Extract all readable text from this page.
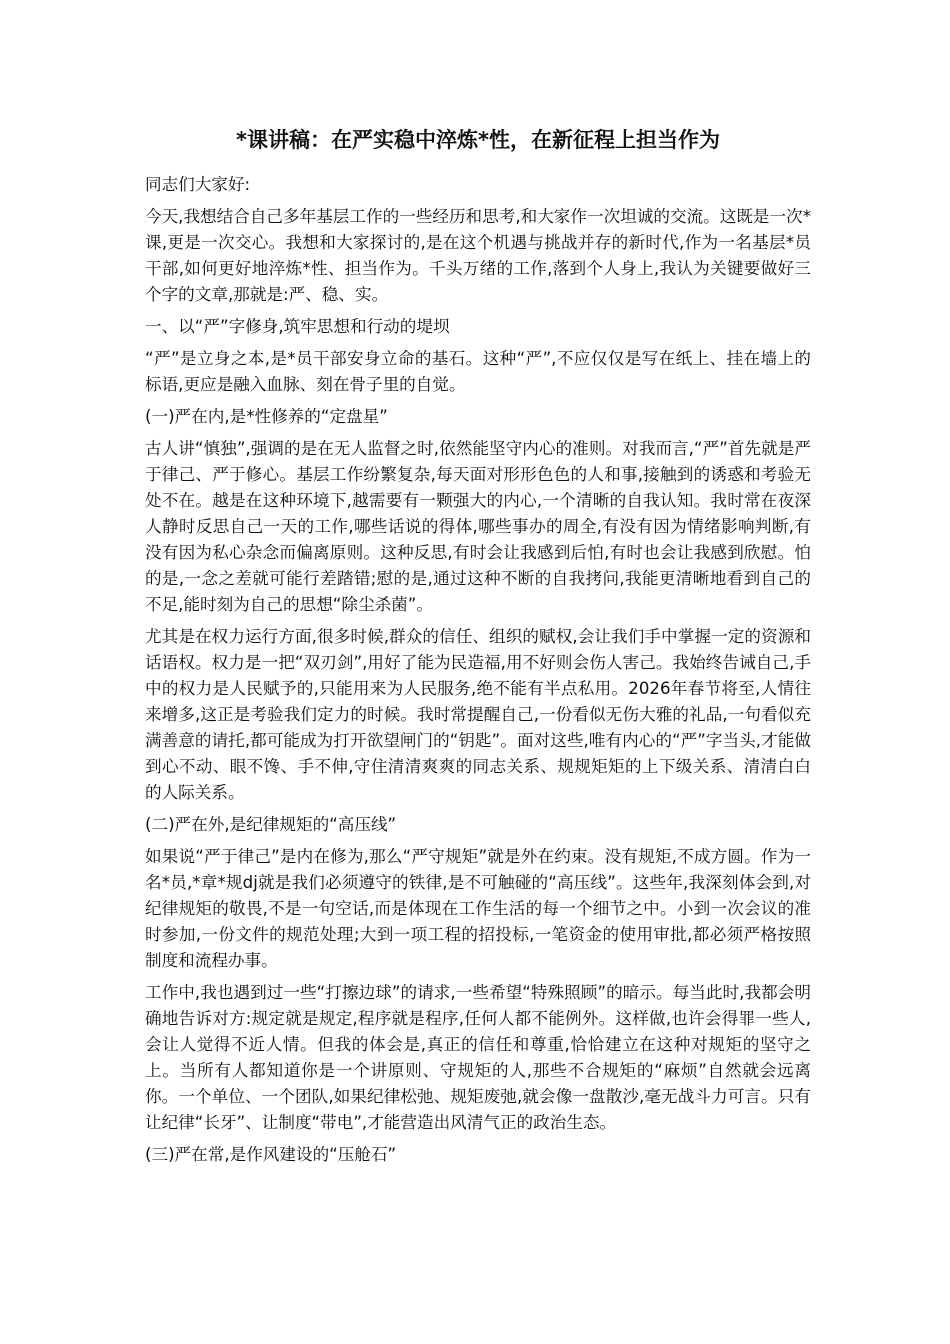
*课讲稿：在严实稳中淬炼*性，在新征程上担当作为
同志们大家好:
今天,我想结合自己多年基层工作的一些经历和思考,和大家作一次坦诚的交流。这既是一次*课,更是一次交心。我想和大家探讨的,是在这个机遇与挑战并存的新时代,作为一名基层*员干部,如何更好地淬炼*性、担当作为。千头万绪的工作,落到个人身上,我认为关键要做好三个字的文章,那就是:严、稳、实。
一、以“严”字修身,筑牢思想和行动的堤坝
“严”是立身之本,是*员干部安身立命的基石。这种“严”,不应仅仅是写在纸上、挂在墙上的标语,更应是融入血脉、刻在骨子里的自觉。
(一)严在内,是*性修养的“定盘星”
古人讲“慎独”,强调的是在无人监督之时,依然能坚守内心的准则。对我而言,“严”首先就是严于律己、严于修心。基层工作纷繁复杂,每天面对形形色色的人和事,接触到的诱惑和考验无处不在。越是在这种环境下,越需要有一颗强大的内心,一个清晰的自我认知。我时常在夜深人静时反思自己一天的工作,哪些话说的得体,哪些事办的周全,有没有因为情绪影响判断,有没有因为私心杂念而偏离原则。这种反思,有时会让我感到后怕,有时也会让我感到欣慰。怕的是,一念之差就可能行差踏错;慰的是,通过这种不断的自我拷问,我能更清晰地看到自己的不足,能时刻为自己的思想“除尘杀菌”。
尤其是在权力运行方面,很多时候,群众的信任、组织的赋权,会让我们手中掌握一定的资源和话语权。权力是一把“双刃剑”,用好了能为民造福,用不好则会伤人害己。我始终告诫自己,手中的权力是人民赋予的,只能用来为人民服务,绝不能有半点私用。2026年春节将至,人情往来增多,这正是考验我们定力的时候。我时常提醒自己,一份看似无伤大雅的礼品,一句看似充满善意的请托,都可能成为打开欲望闸门的“钥匙”。面对这些,唯有内心的“严”字当头,才能做到心不动、眼不馋、手不伸,守住清清爽爽的同志关系、规规矩矩的上下级关系、清清白白的人际关系。
(二)严在外,是纪律规矩的“高压线”
如果说“严于律己”是内在修为,那么“严守规矩”就是外在约束。没有规矩,不成方圆。作为一名*员,*章*规dj就是我们必须遵守的铁律,是不可触碰的“高压线”。这些年,我深刻体会到,对纪律规矩的敬畏,不是一句空话,而是体现在工作生活的每一个细节之中。小到一次会议的准时参加,一份文件的规范处理;大到一项工程的招投标,一笔资金的使用审批,都必须严格按照制度和流程办事。
工作中,我也遇到过一些“打擦边球”的请求,一些希望“特殊照顾”的暗示。每当此时,我都会明确地告诉对方:规定就是规定,程序就是程序,任何人都不能例外。这样做,也许会得罪一些人,会让人觉得不近人情。但我的体会是,真正的信任和尊重,恰恰建立在这种对规矩的坚守之上。当所有人都知道你是一个讲原则、守规矩的人,那些不合规矩的“麻烦”自然就会远离你。一个单位、一个团队,如果纪律松弛、规矩废弛,就会像一盘散沙,毫无战斗力可言。只有让纪律“长牙”、让制度“带电”,才能营造出风清气正的政治生态。
(三)严在常,是作风建设的“压舱石”
